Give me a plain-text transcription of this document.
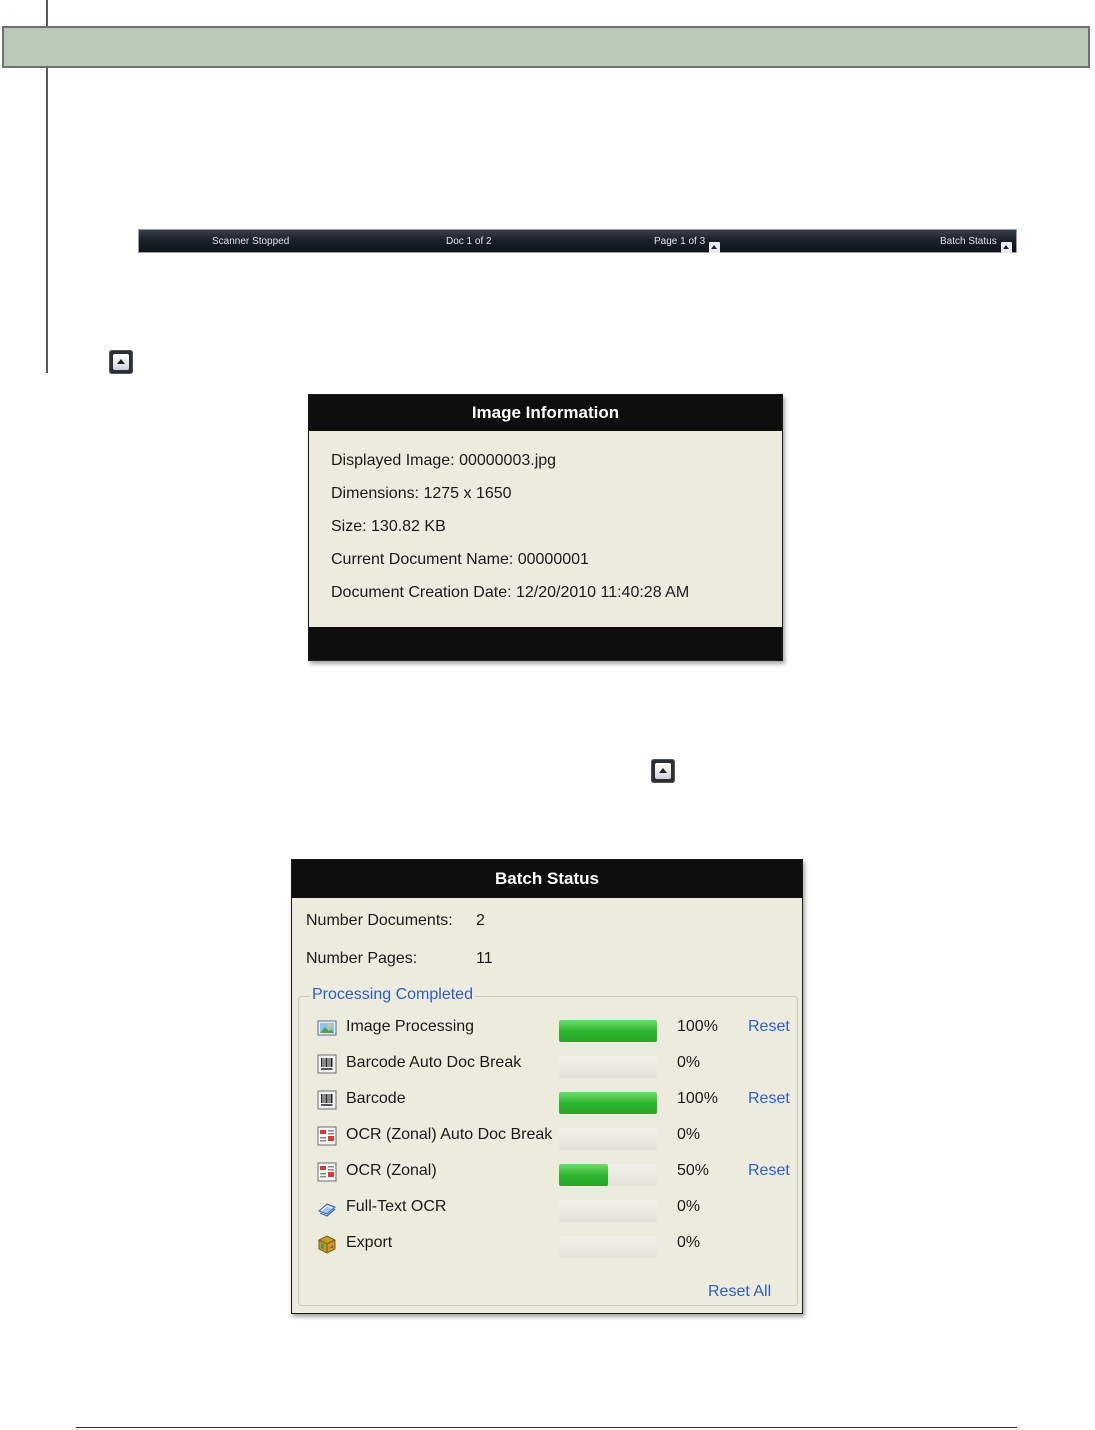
Scanner Stopped	Doc 1 of 2	Page 1 of 3	Batch Status
Image Information
Displayed Image: 00000003.jpg
Dimensions: 1275 x 1650
Size: 130.82 KB
Current Document Name: 00000001
Document Creation Date: 12/20/2010 11:40:28 AM
Batch Status
Number Documents: 2
Number Pages:	11
Processing Completed
Image Processing	100% Reset
Barcode Auto Doc Break	0%
Barcode	100% Reset
OCR (Zonal) Auto Doc Break	0%
OCR (Zonal)	50% Reset
Full-Text OCR	0%
Export	0%
Reset All
